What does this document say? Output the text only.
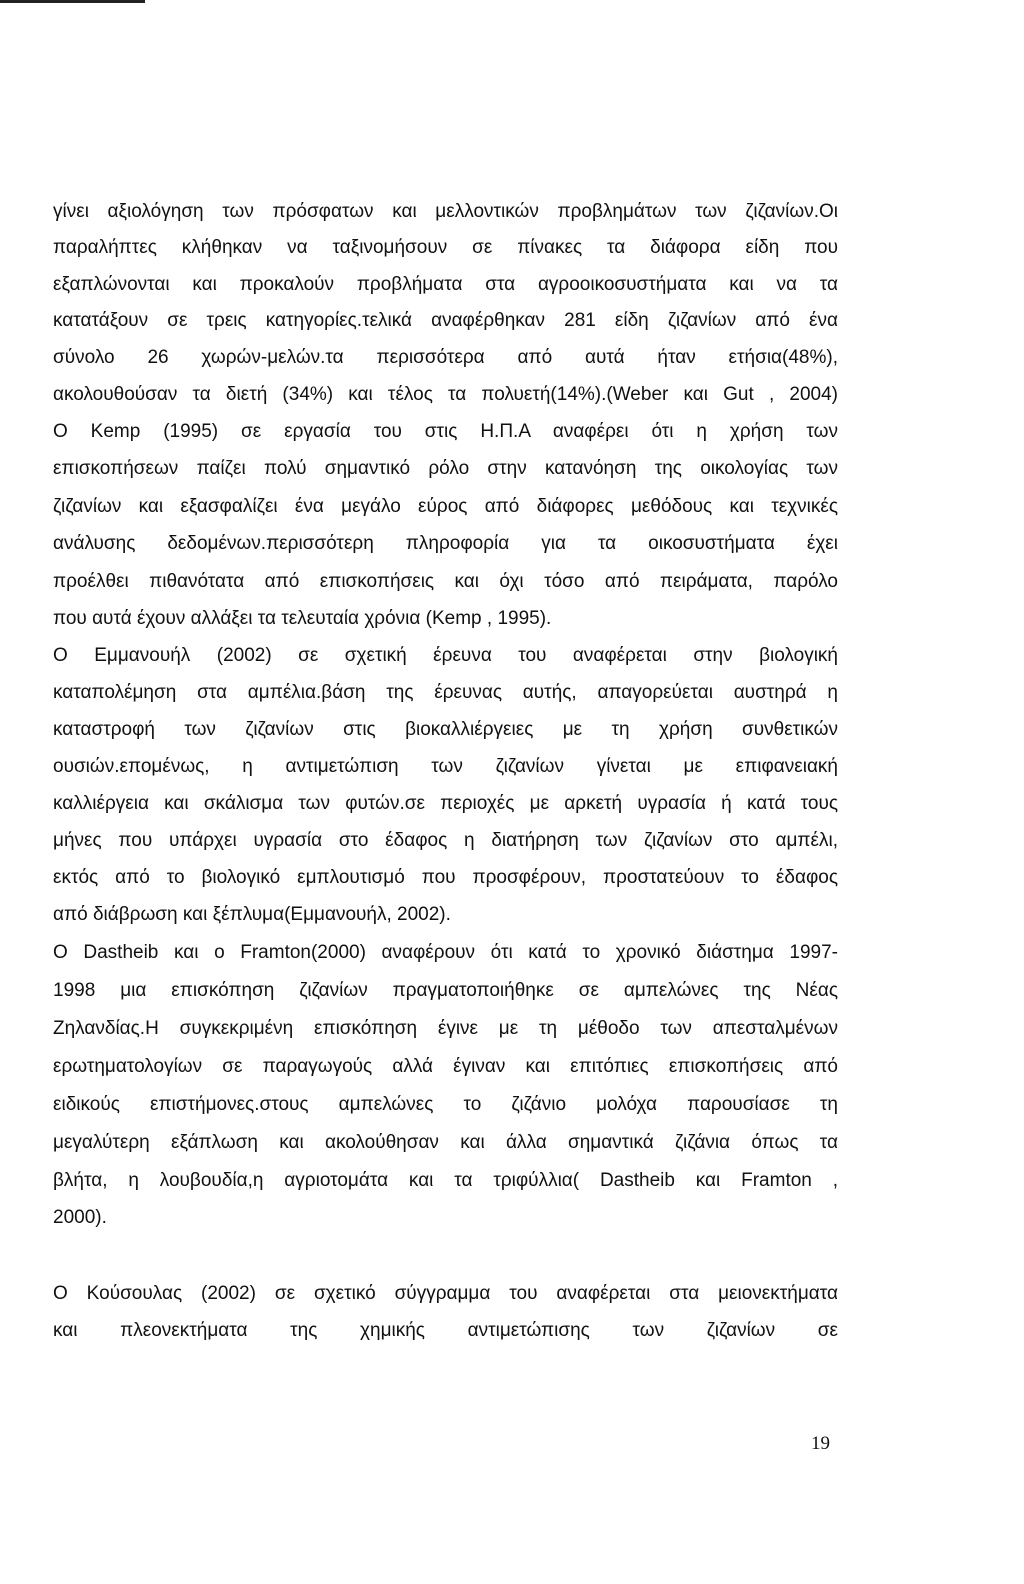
γίνει αξιολόγηση των πρόσφατων και μελλοντικών προβλημάτων των ζιζανίων.Οι
παραλήπτες κλήθηκαν να ταξινομήσουν σε πίνακες τα διάφορα είδη που
εξαπλώνονται και προκαλούν προβλήματα στα αγροοικοσυστήματα και να τα
κατατάξουν σε τρεις κατηγορίες.τελικά αναφέρθηκαν 281 είδη ζιζανίων από ένα
σύνολο 26 χωρών-μελών.τα περισσότερα από αυτά ήταν ετήσια(48%),
ακολουθούσαν τα διετή (34%) και τέλος τα πολυετή(14%).(Weber και Gut , 2004)
Ο Kemp (1995) σε εργασία του στις Η.Π.Α αναφέρει ότι η χρήση των
επισκοπήσεων παίζει πολύ σημαντικό ρόλο στην κατανόηση της οικολογίας των
ζιζανίων και εξασφαλίζει ένα μεγάλο εύρος από διάφορες μεθόδους και τεχνικές
ανάλυσης δεδομένων.περισσότερη πληροφορία για τα οικοσυστήματα έχει
προέλθει πιθανότατα από επισκοπήσεις και όχι τόσο από πειράματα, παρόλο
που αυτά έχουν αλλάξει τα τελευταία χρόνια (Kemp , 1995).
Ο Εμμανουήλ (2002) σε σχετική έρευνα του αναφέρεται στην βιολογική
καταπολέμηση στα αμπέλια.βάση της έρευνας αυτής, απαγορεύεται αυστηρά η
καταστροφή των ζιζανίων στις βιοκαλλιέργειες με τη χρήση συνθετικών
ουσιών.επομένως, η αντιμετώπιση των ζιζανίων γίνεται με επιφανειακή
καλλιέργεια και σκάλισμα των φυτών.σε περιοχές με αρκετή υγρασία ή κατά τους
μήνες που υπάρχει υγρασία στο έδαφος η διατήρηση των ζιζανίων στο αμπέλι,
εκτός από το βιολογικό εμπλουτισμό που προσφέρουν, προστατεύουν το έδαφος
από διάβρωση και ξέπλυμα(Εμμανουήλ, 2002).
Ο Dastheib και ο Framton(2000) αναφέρουν ότι κατά το χρονικό διάστημα 1997-
1998 μια επισκόπηση ζιζανίων πραγματοποιήθηκε σε αμπελώνες της Νέας
Ζηλανδίας.Η συγκεκριμένη επισκόπηση έγινε με τη μέθοδο των απεσταλμένων
ερωτηματολογίων σε παραγωγούς αλλά έγιναν και επιτόπιες επισκοπήσεις από
ειδικούς επιστήμονες.στους αμπελώνες το ζιζάνιο μολόχα παρουσίασε τη
μεγαλύτερη εξάπλωση και ακολούθησαν και άλλα σημαντικά ζιζάνια όπως τα
βλήτα, η λουβουδία,η αγριοτομάτα και τα τριφύλλια( Dastheib και Framton ,
2000).
Ο Κούσουλας (2002) σε σχετικό σύγγραμμα του αναφέρεται στα μειονεκτήματα
και πλεονεκτήματα της χημικής αντιμετώπισης των ζιζανίων σε
19
